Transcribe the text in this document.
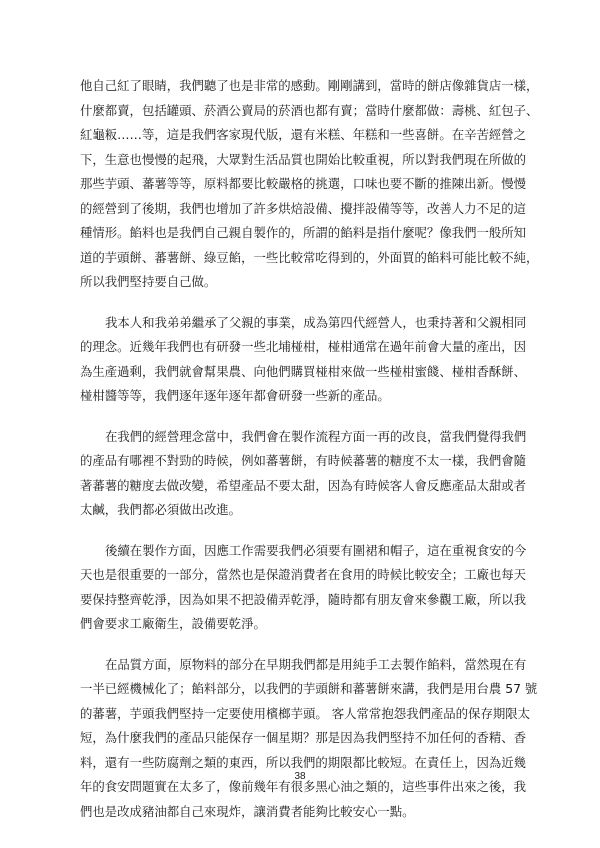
他自己紅了眼睛，我們聽了也是非常的感動。剛剛講到，當時的餅店像雜貨店一樣，
什麼都賣，包括罐頭、菸酒公賣局的菸酒也都有賣；當時什麼都做：壽桃、紅包子、
紅龜粄……等，這是我們客家現代版，還有米糕、年糕和一些喜餅。在辛苦經營之
下，生意也慢慢的起飛，大眾對生活品質也開始比較重視，所以對我們現在所做的
那些芋頭、蕃薯等等，原料都要比較嚴格的挑選，口味也要不斷的推陳出新。慢慢
的經營到了後期，我們也增加了許多烘焙設備、攪拌設備等等，改善人力不足的這
種情形。餡料也是我們自己親自製作的，所謂的餡料是指什麼呢？像我們一般所知
道的芋頭餅、蕃薯餅、綠豆餡，一些比較常吃得到的，外面買的餡料可能比較不純，
所以我們堅持要自己做。
我本人和我弟弟繼承了父親的事業，成為第四代經營人，也秉持著和父親相同
的理念。近幾年我們也有研發一些北埔椪柑，椪柑通常在過年前會大量的產出，因
為生產過剩，我們就會幫果農、向他們購買椪柑來做一些椪柑蜜餞、椪柑香酥餅、
椪柑醬等等，我們逐年逐年逐年都會研發一些新的產品。
在我們的經營理念當中，我們會在製作流程方面一再的改良，當我們覺得我們
的產品有哪裡不對勁的時候，例如蕃薯餅，有時候蕃薯的糖度不太一樣，我們會隨
著蕃薯的糖度去做改變，希望產品不要太甜，因為有時候客人會反應產品太甜或者
太鹹，我們都必須做出改進。
後續在製作方面，因應工作需要我們必須要有圍裙和帽子，這在重視食安的今
天也是很重要的一部分，當然也是保證消費者在食用的時候比較安全；工廠也每天
要保持整齊乾淨，因為如果不把設備弄乾淨，隨時都有朋友會來參觀工廠，所以我
們會要求工廠衛生，設備要乾淨。
在品質方面，原物料的部分在早期我們都是用純手工去製作餡料，當然現在有
一半已經機械化了；餡料部分，以我們的芋頭餅和蕃薯餅來講，我們是用台農 57 號
的蕃薯，芋頭我們堅持一定要使用檳榔芋頭。 客人常常抱怨我們產品的保存期限太
短，為什麼我們的產品只能保存一個星期？那是因為我們堅持不加任何的香精、香
料，還有一些防腐劑之類的東西，所以我們的期限都比較短。在責任上，因為近幾
年的食安問題實在太多了，像前幾年有很多黑心油之類的，這些事件出來之後，我
們也是改成豬油都自己來現炸，讓消費者能夠比較安心一點。
38
